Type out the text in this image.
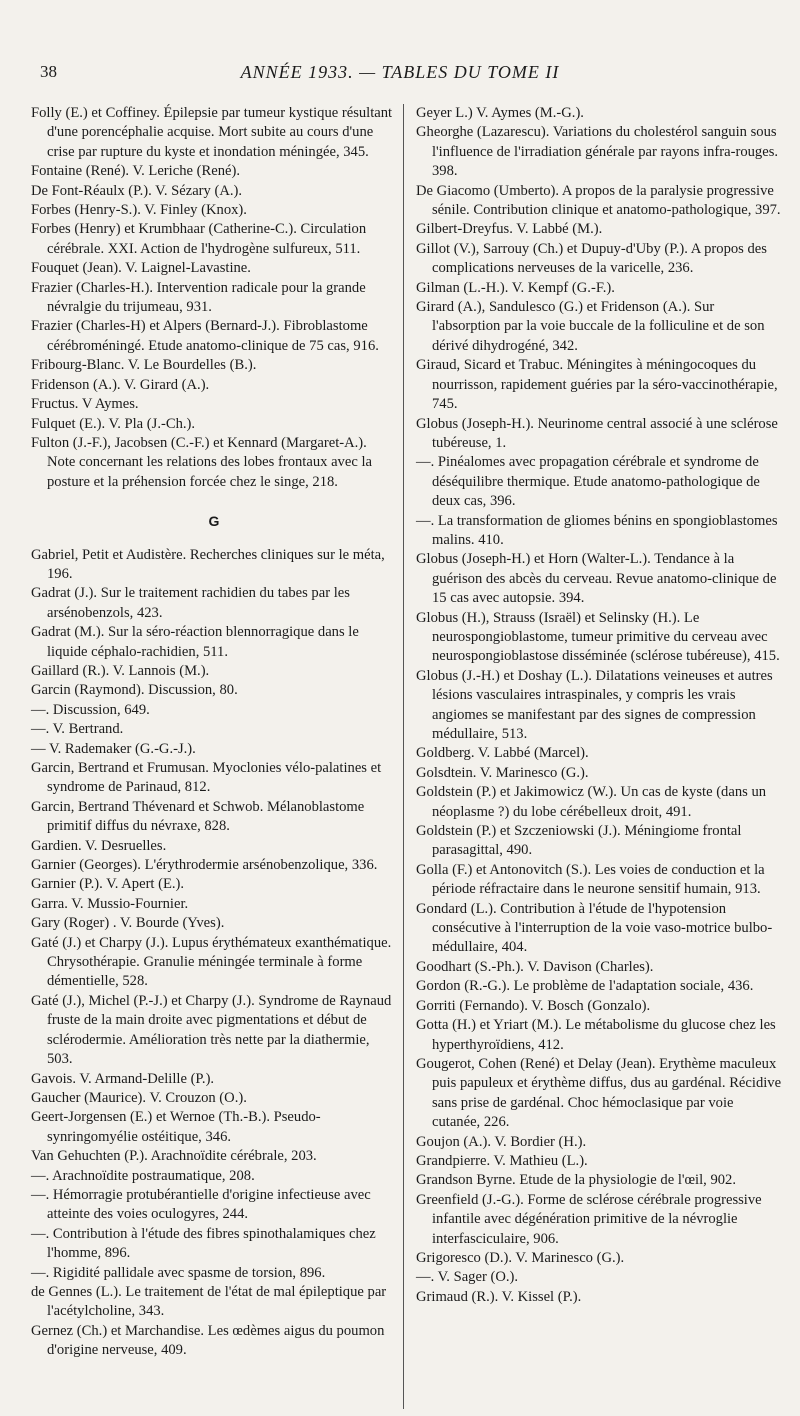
38	ANNÉE 1933. — TABLES DU TOME II

Folly (E.) et Coffiney. Épilepsie par tumeur kystique résultant d'une porencéphalie acquise. Mort subite au cours d'une crise par rupture du kyste et inondation méningée, 345.

Fontaine (René). V. Leriche (René).

De Font-Réaulx (P.). V. Sézary (A.).

Forbes (Henry-S.). V. Finley (Knox).

Forbes (Henry) et Krumbhaar (Catherine-C.). Circulation cérébrale. XXI. Action de l'hydrogène sulfureux, 511.

Fouquet (Jean). V. Laignel-Lavastine.

Frazier (Charles-H.). Intervention radicale pour la grande névralgie du trijumeau, 931.

Frazier (Charles-H) et Alpers (Bernard-J.). Fibroblastome cérébroméningé. Etude anatomo-clinique de 75 cas, 916.

Fribourg-Blanc. V. Le Bourdelles (B.).

Fridenson (A.). V. Girard (A.).

Fructus. V Aymes.

Fulquet (E.). V. Pla (J.-Ch.).

Fulton (J.-F.), Jacobsen (C.-F.) et Kennard (Margaret-A.). Note concernant les relations des lobes frontaux avec la posture et la préhension forcée chez le singe, 218.

G

Gabriel, Petit et Audistère. Recherches cliniques sur le méta, 196.

Gadrat (J.). Sur le traitement rachidien du tabes par les arsénobenzols, 423.

Gadrat (M.). Sur la séro-réaction blennorragique dans le liquide céphalo-rachidien, 511.

Gaillard (R.). V. Lannois (M.).

Garcin (Raymond). Discussion, 80.

—. Discussion, 649.

—. V. Bertrand.

— V. Rademaker (G.-G.-J.).

Garcin, Bertrand et Frumusan. Myoclonies vélo-palatines et syndrome de Parinaud, 812.

Garcin, Bertrand Thévenard et Schwob. Mélanoblastome primitif diffus du névraxe, 828.

Gardien. V. Desruelles.

Garnier (Georges). L'érythrodermie arsénobenzolique, 336.

Garnier (P.). V. Apert (E.).

Garra. V. Mussio-Fournier.

Gary (Roger) . V. Bourde (Yves).

Gaté (J.) et Charpy (J.). Lupus érythémateux exanthématique. Chrysothérapie. Granulie méningée terminale à forme démentielle, 528.

Gaté (J.), Michel (P.-J.) et Charpy (J.). Syndrome de Raynaud fruste de la main droite avec pigmentations et début de sclérodermie. Amélioration très nette par la diathermie, 503.

Gavois. V. Armand-Delille (P.).

Gaucher (Maurice). V. Crouzon (O.).

Geert-Jorgensen (E.) et Wernoe (Th.-B.). Pseudo-synringomyélie ostéitique, 346.

Van Gehuchten (P.). Arachnoïdite cérébrale, 203.

—. Arachnoïdite postraumatique, 208.

—. Hémorragie protubérantielle d'origine infectieuse avec atteinte des voies oculogyres, 244.

—. Contribution à l'étude des fibres spinothalamiques chez l'homme, 896.

—. Rigidité pallidale avec spasme de torsion, 896.

de Gennes (L.). Le traitement de l'état de mal épileptique par l'acétylcholine, 343.

Gernez (Ch.) et Marchandise. Les œdèmes aigus du poumon d'origine nerveuse, 409.

Geyer L.) V. Aymes (M.-G.).

Gheorghe (Lazarescu). Variations du cholestérol sanguin sous l'influence de l'irradiation générale par rayons infra-rouges. 398.

De Giacomo (Umberto). A propos de la paralysie progressive sénile. Contribution clinique et anatomo-pathologique, 397.

Gilbert-Dreyfus. V. Labbé (M.).

Gillot (V.), Sarrouy (Ch.) et Dupuy-d'Uby (P.). A propos des complications nerveuses de la varicelle, 236.

Gilman (L.-H.). V. Kempf (G.-F.).

Girard (A.), Sandulesco (G.) et Fridenson (A.). Sur l'absorption par la voie buccale de la folliculine et de son dérivé dihydrogéné, 342.

Giraud, Sicard et Trabuc. Méningites à méningocoques du nourrisson, rapidement guéries par la séro-vaccinothérapie, 745.

Globus (Joseph-H.). Neurinome central associé à une sclérose tubéreuse, 1.

—. Pinéalomes avec propagation cérébrale et syndrome de déséquilibre thermique. Etude anatomo-pathologique de deux cas, 396.

—. La transformation de gliomes bénins en spongioblastomes malins. 410.

Globus (Joseph-H.) et Horn (Walter-L.). Tendance à la guérison des abcès du cerveau. Revue anatomo-clinique de 15 cas avec autopsie. 394.

Globus (H.), Strauss (Israël) et Selinsky (H.). Le neurospongioblastome, tumeur primitive du cerveau avec neurospongioblastose disséminée (sclérose tubéreuse), 415.

Globus (J.-H.) et Doshay (L.). Dilatations veineuses et autres lésions vasculaires intraspinales, y compris les vrais angiomes se manifestant par des signes de compression médullaire, 513.

Goldberg. V. Labbé (Marcel).

Golsdtein. V. Marinesco (G.).

Goldstein (P.) et Jakimowicz (W.). Un cas de kyste (dans un néoplasme ?) du lobe cérébelleux droit, 491.

Goldstein (P.) et Szczeniowski (J.). Méningiome frontal parasagittal, 490.

Golla (F.) et Antonovitch (S.). Les voies de conduction et la période réfractaire dans le neurone sensitif humain, 913.

Gondard (L.). Contribution à l'étude de l'hypotension consécutive à l'interruption de la voie vaso-motrice bulbo-médullaire, 404.

Goodhart (S.-Ph.). V. Davison (Charles).

Gordon (R.-G.). Le problème de l'adaptation sociale, 436.

Gorriti (Fernando). V. Bosch (Gonzalo).

Gotta (H.) et Yriart (M.). Le métabolisme du glucose chez les hyperthyroïdiens, 412.

Gougerot, Cohen (René) et Delay (Jean). Erythème maculeux puis papuleux et érythème diffus, dus au gardénal. Récidive sans prise de gardénal. Choc hémoclasique par voie cutanée, 226.

Goujon (A.). V. Bordier (H.).

Grandpierre. V. Mathieu (L.).

Grandson Byrne. Etude de la physiologie de l'œil, 902.

Greenfield (J.-G.). Forme de sclérose cérébrale progressive infantile avec dégénération primitive de la névroglie interfasciculaire, 906.

Grigoresco (D.). V. Marinesco (G.).

—. V. Sager (O.).

Grimaud (R.). V. Kissel (P.).
